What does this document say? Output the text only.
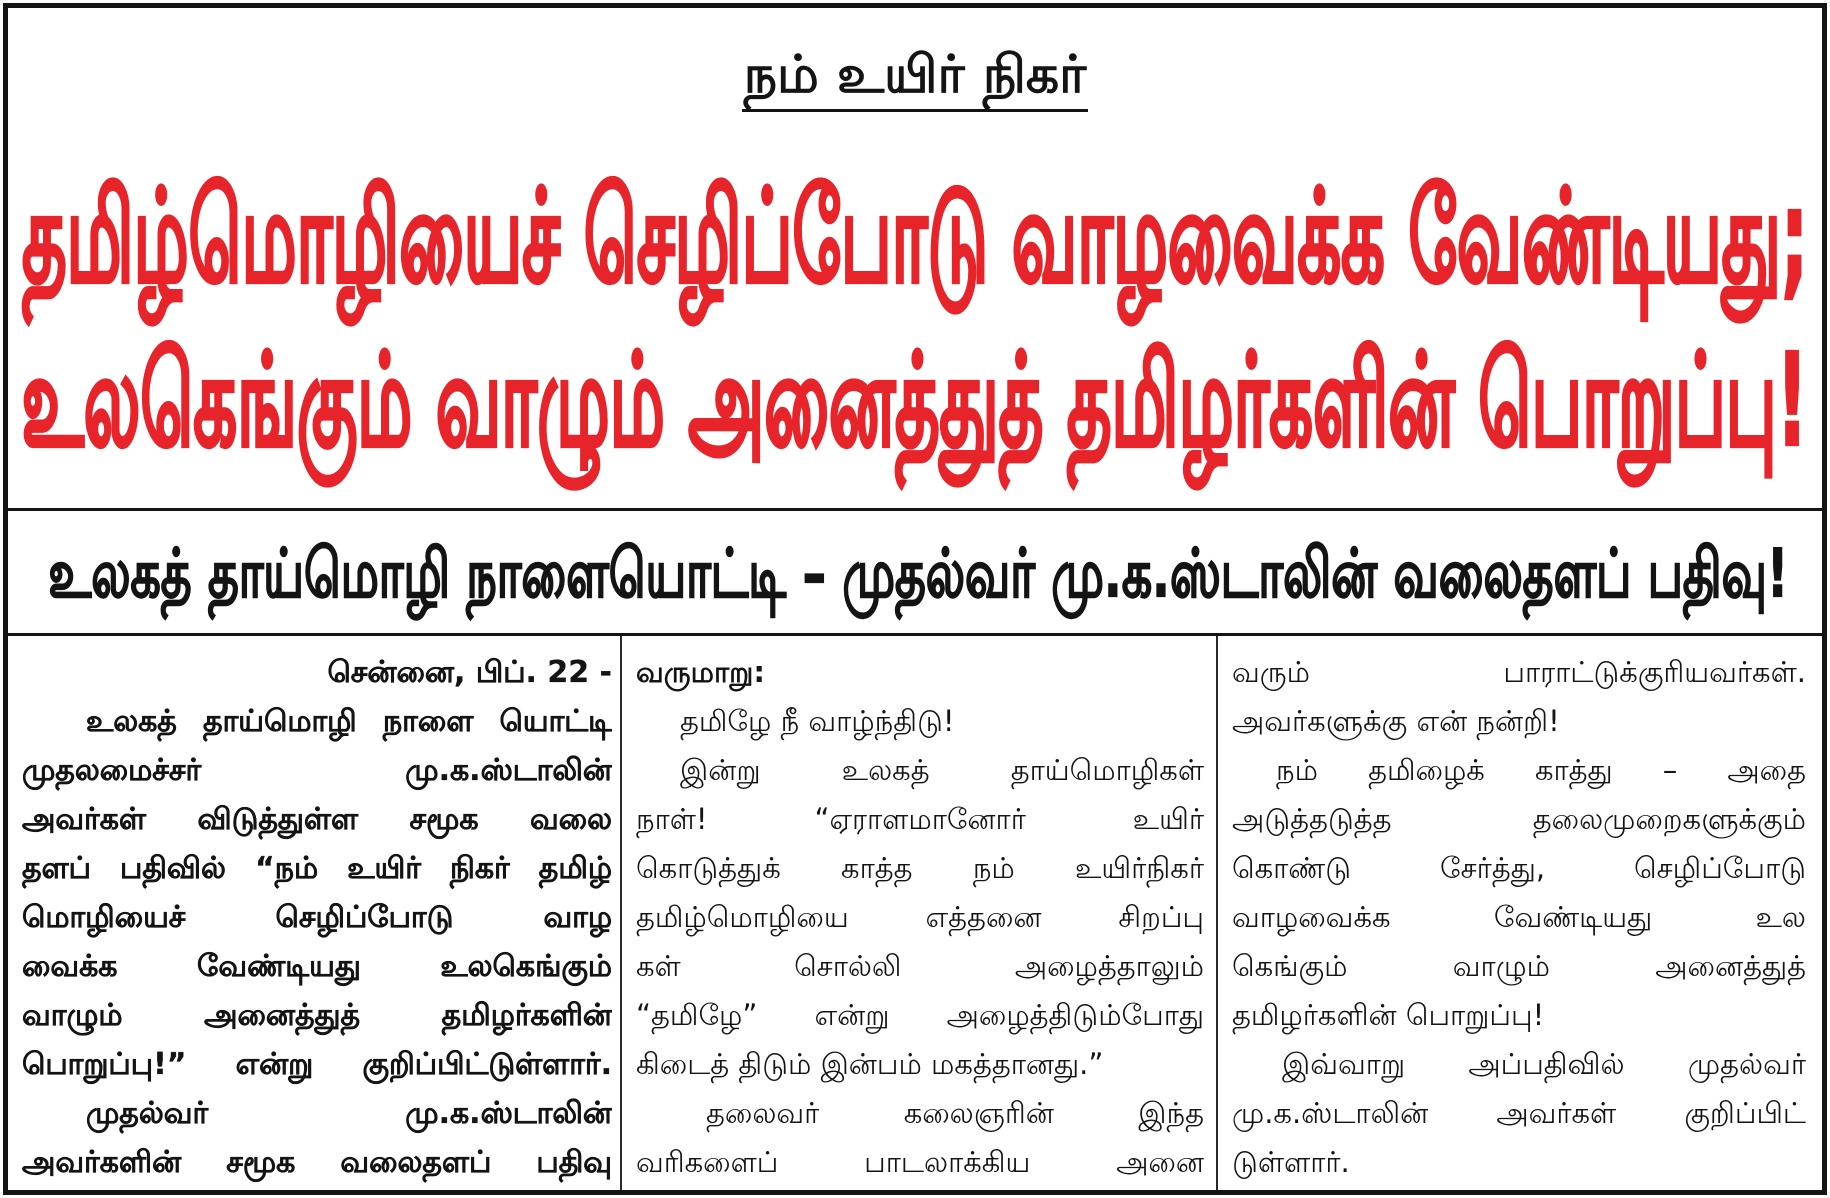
நம் உயிர் நிகர்
தமிழ்மொழியைச் செழிப்போடு வாழவைக்க வேண்டியது;
உலகெங்கும் வாழும் அனைத்துத் தமிழர்களின் பொறுப்பு!
உலகத் தாய்மொழி நாளையொட்டி – முதல்வர் மு.க.ஸ்டாலின் வலைதளப் பதிவு!
சென்னை, பிப். 22 -
உலகத் தாய்மொழி நாளை யொட்டி
முதலமைச்சர் மு.க.ஸ்டாலின்
அவர்கள் விடுத்துள்ள சமூக வலை
தளப் பதிவில் “நம் உயிர் நிகர் தமிழ்
மொழியைச் செழிப்போடு வாழ
வைக்க வேண்டியது உலகெங்கும்
வாழும் அனைத்துத் தமிழர்களின்
பொறுப்பு!” என்று குறிப்பிட்டுள்ளார்.
முதல்வர் மு.க.ஸ்டாலின்
அவர்களின் சமூக வலைதளப் பதிவு
வருமாறு:
தமிழே நீ வாழ்ந்திடு!
இன்று உலகத் தாய்மொழிகள்
நாள்! “ஏராளமானோர் உயிர்
கொடுத்துக் காத்த நம் உயிர்நிகர்
தமிழ்மொழியை எத்தனை சிறப்பு
கள் சொல்லி அழைத்தாலும்
“தமிழே” என்று அழைத்திடும்போது
கிடைத் திடும் இன்பம் மகத்தானது.”
தலைவர் கலைஞரின் இந்த
வரிகளைப் பாடலாக்கிய அனை
வரும் பாராட்டுக்குரியவர்கள்.
அவர்களுக்கு என் நன்றி!
நம் தமிழைக் காத்து – அதை
அடுத்தடுத்த தலைமுறைகளுக்கும்
கொண்டு சேர்த்து, செழிப்போடு
வாழவைக்க வேண்டியது உல
கெங்கும் வாழும் அனைத்துத்
தமிழர்களின் பொறுப்பு!
இவ்வாறு அப்பதிவில் முதல்வர்
மு.க.ஸ்டாலின் அவர்கள் குறிப்பிட்
டுள்ளார்.
